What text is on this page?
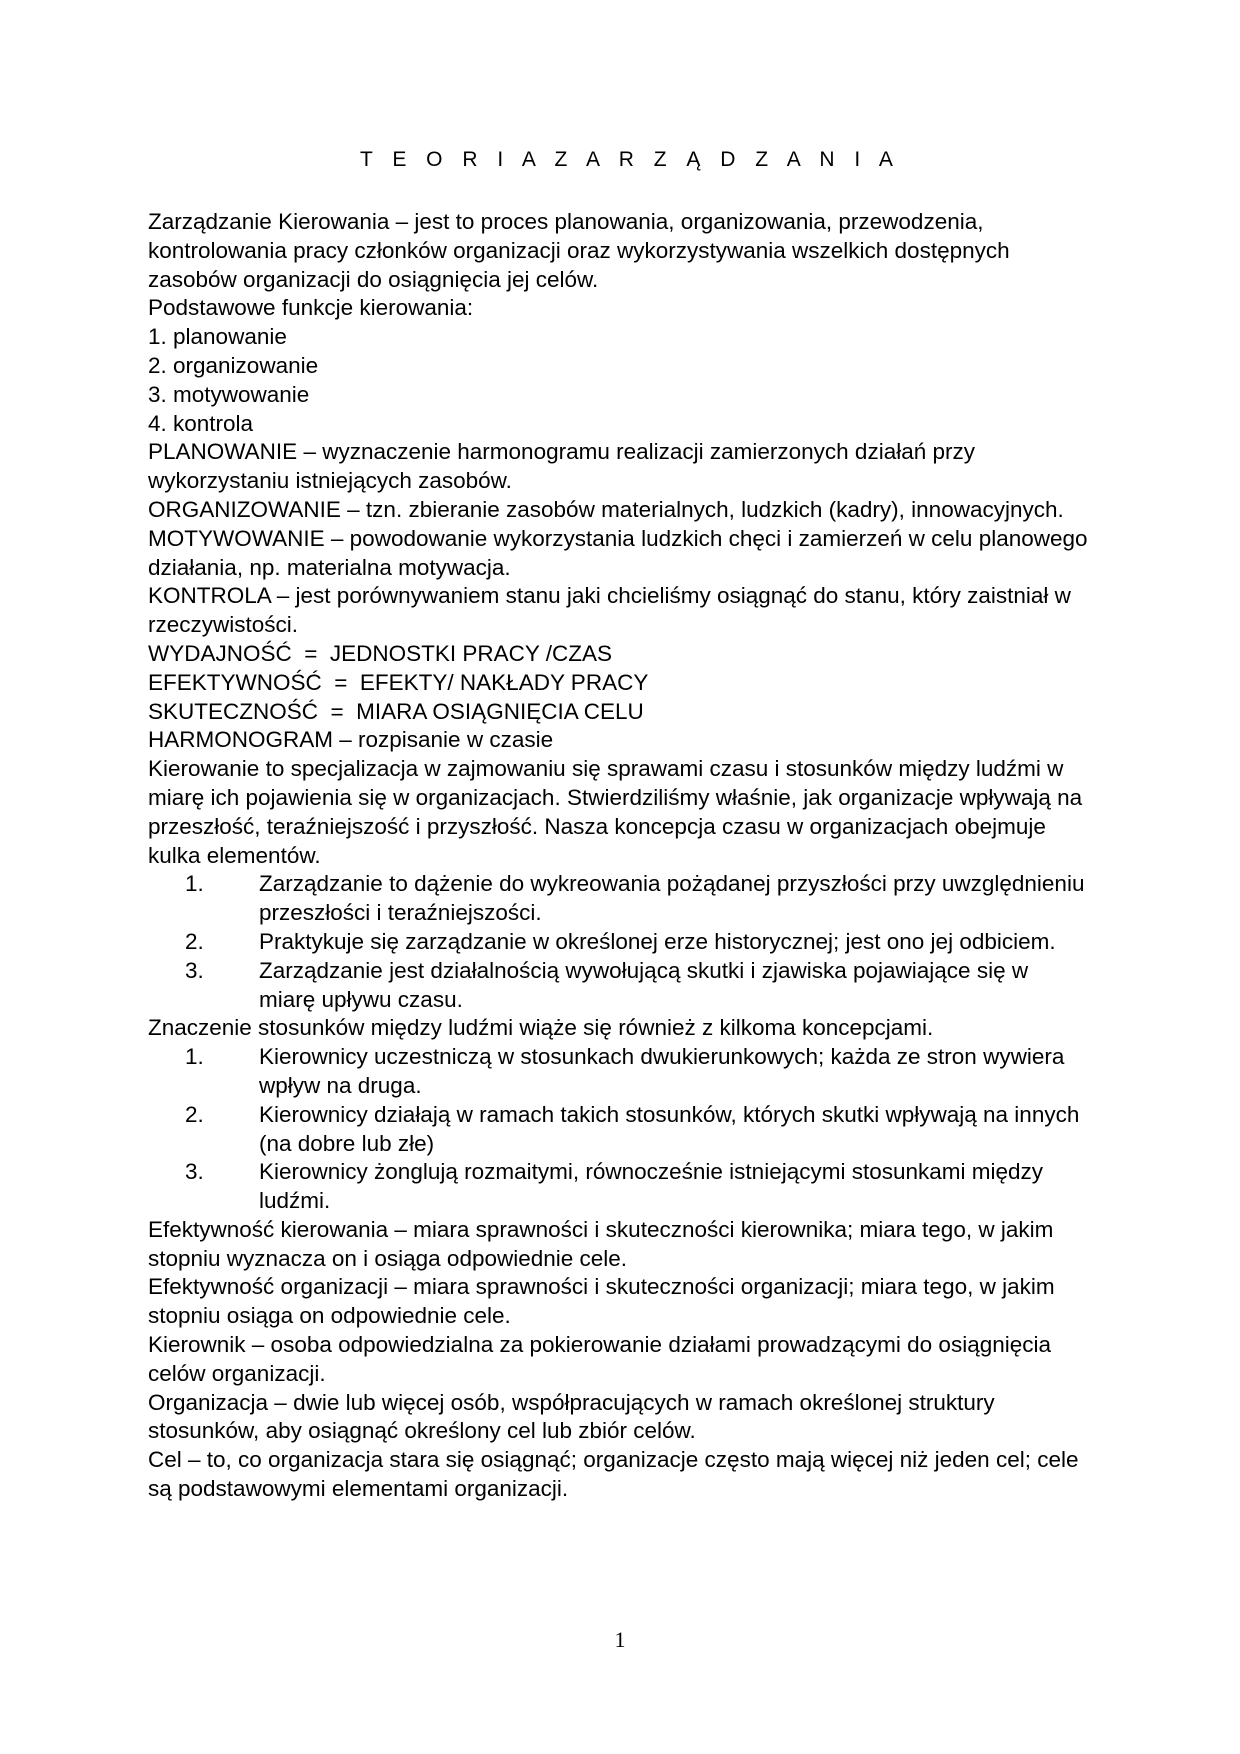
T E O R I A Z A R Z Ą D Z A N I A
Zarządzanie Kierowania – jest to proces planowania, organizowania, przewodzenia, kontrolowania pracy członków organizacji oraz wykorzystywania wszelkich dostępnych zasobów organizacji do osiągnięcia jej celów.
Podstawowe funkcje kierowania:
1. planowanie
2. organizowanie
3. motywowanie
4. kontrola
PLANOWANIE – wyznaczenie harmonogramu realizacji zamierzonych działań przy wykorzystaniu istniejących zasobów.
ORGANIZOWANIE – tzn. zbieranie zasobów materialnych, ludzkich (kadry), innowacyjnych.
MOTYWOWANIE – powodowanie wykorzystania ludzkich chęci i zamierzeń w celu planowego działania, np. materialna motywacja.
KONTROLA – jest porównywaniem stanu jaki chcieliśmy osiągnąć do stanu, który zaistniał w rzeczywistości.
WYDAJNOŚĆ  =  JEDNOSTKI PRACY /CZAS
EFEKTYWNOŚĆ  =  EFEKTY/ NAKŁADY PRACY
SKUTECZNOŚĆ  =  MIARA OSIĄGNIĘCIA CELU
HARMONOGRAM – rozpisanie w czasie
Kierowanie to specjalizacja w zajmowaniu się sprawami czasu i stosunków między ludźmi w miarę ich pojawienia się w organizacjach. Stwierdziliśmy właśnie, jak organizacje wpływają na przeszłość, teraźniejszość i przyszłość. Nasza koncepcja czasu w organizacjach obejmuje kulka elementów.
1. Zarządzanie to dążenie do wykreowania pożądanej przyszłości przy uwzględnieniu przeszłości i teraźniejszości.
2. Praktykuje się zarządzanie w określonej erze historycznej; jest ono jej odbiciem.
3. Zarządzanie jest działalnością wywołującą skutki i zjawiska pojawiające się w miarę upływu czasu.
Znaczenie stosunków między ludźmi wiąże się również z kilkoma koncepcjami.
1. Kierownicy uczestniczą w stosunkach dwukierunkowych; każda ze stron wywiera wpływ na druga.
2. Kierownicy działają w ramach takich stosunków, których skutki wpływają na innych (na dobre lub złe)
3. Kierownicy żonglują rozmaitymi, równocześnie istniejącymi stosunkami między ludźmi.
Efektywność kierowania – miara sprawności i skuteczności kierownika; miara tego, w jakim stopniu wyznacza on i osiąga odpowiednie cele.
Efektywność organizacji – miara sprawności i skuteczności organizacji; miara tego, w jakim stopniu osiąga on odpowiednie cele.
Kierownik – osoba odpowiedzialna za pokierowanie działami prowadzącymi do osiągnięcia celów organizacji.
Organizacja – dwie lub więcej osób, współpracujących w ramach określonej struktury stosunków, aby osiągnąć określony cel lub zbiór celów.
Cel – to, co organizacja stara się osiągnąć; organizacje często mają więcej niż jeden cel; cele są podstawowymi elementami organizacji.
1
